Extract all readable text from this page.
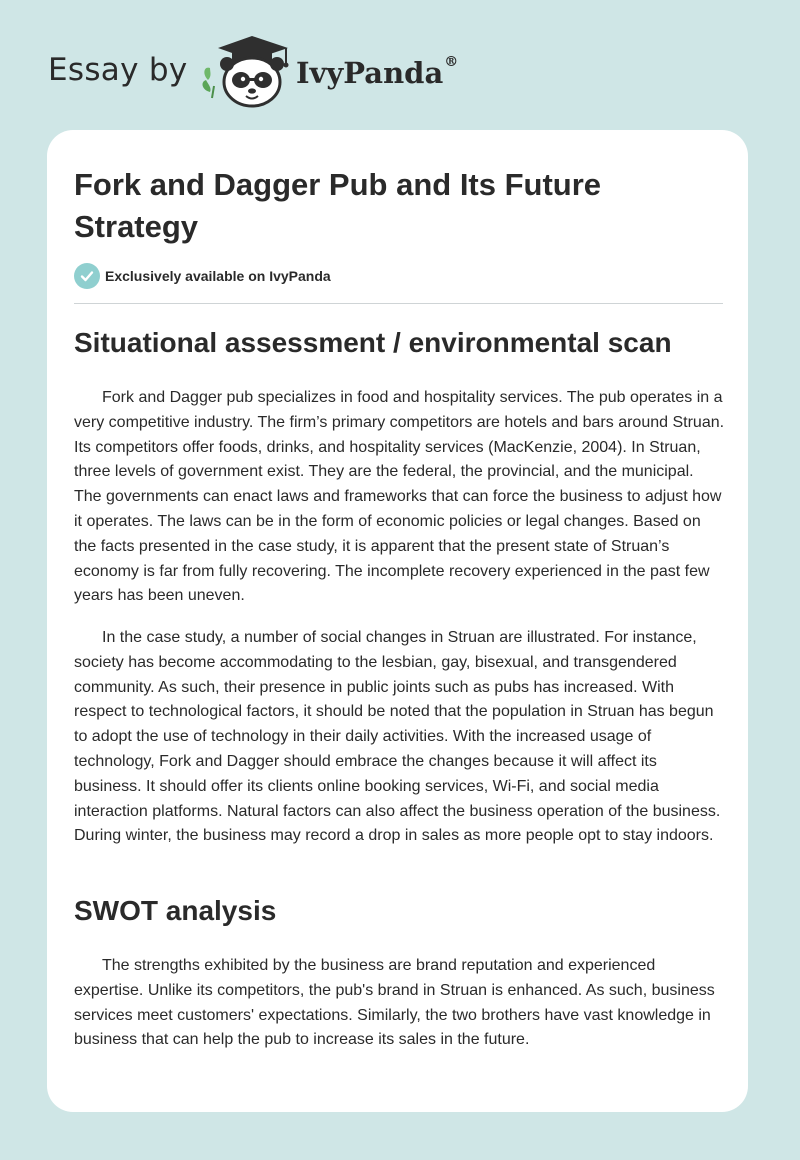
Essay by	IvyPanda®
Fork and Dagger Pub and Its Future Strategy
Exclusively available on IvyPanda
Situational assessment / environmental scan

Fork and Dagger pub specializes in food and hospitality services. The pub operates in a very competitive industry. The firm’s primary competitors are hotels and bars around Struan. Its competitors offer foods, drinks, and hospitality services (MacKenzie, 2004). In Struan, three levels of government exist. They are the federal, the provincial, and the municipal. The governments can enact laws and frameworks that can force the business to adjust how it operates. The laws can be in the form of economic policies or legal changes. Based on the facts presented in the case study, it is apparent that the present state of Struan’s economy is far from fully recovering. The incomplete recovery experienced in the past few years has been uneven.

In the case study, a number of social changes in Struan are illustrated. For instance, society has become accommodating to the lesbian, gay, bisexual, and transgendered community. As such, their presence in public joints such as pubs has increased. With respect to technological factors, it should be noted that the population in Struan has begun to adopt the use of technology in their daily activities. With the increased usage of technology, Fork and Dagger should embrace the changes because it will affect its business. It should offer its clients online booking services, Wi-Fi, and social media interaction platforms. Natural factors can also affect the business operation of the business. During winter, the business may record a drop in sales as more people opt to stay indoors.

SWOT analysis

The strengths exhibited by the business are brand reputation and experienced expertise. Unlike its competitors, the pub's brand in Struan is enhanced. As such, business services meet customers' expectations. Similarly, the two brothers have vast knowledge in business that can help the pub to increase its sales in the future.
